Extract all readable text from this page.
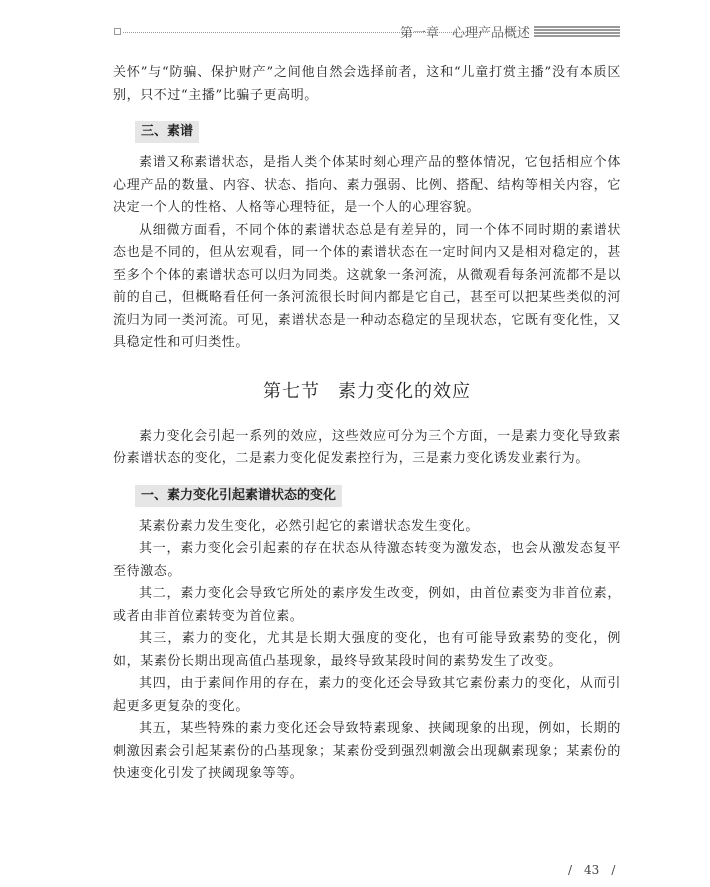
第一章　心理产品概述

关怀”与“防骗、保护财产”之间他自然会选择前者，这和“儿童打赏主播”没有本质区别，只不过“主播”比骗子更高明。

三、素谱

素谱又称素谱状态，是指人类个体某时刻心理产品的整体情况，它包括相应个体心理产品的数量、内容、状态、指向、素力强弱、比例、搭配、结构等相关内容，它决定一个人的性格、人格等心理特征，是一个人的心理容貌。

从细微方面看，不同个体的素谱状态总是有差异的，同一个体不同时期的素谱状态也是不同的，但从宏观看，同一个体的素谱状态在一定时间内又是相对稳定的，甚至多个个体的素谱状态可以归为同类。这就象一条河流，从微观看每条河流都不是以前的自己，但概略看任何一条河流很长时间内都是它自己，甚至可以把某些类似的河流归为同一类河流。可见，素谱状态是一种动态稳定的呈现状态，它既有变化性，又具稳定性和可归类性。

第七节 素力变化的效应

素力变化会引起一系列的效应，这些效应可分为三个方面，一是素力变化导致素份素谱状态的变化，二是素力变化促发素控行为，三是素力变化诱发业素行为。

一、素力变化引起素谱状态的变化

某素份素力发生变化，必然引起它的素谱状态发生变化。

其一，素力变化会引起素的存在状态从待激态转变为激发态，也会从激发态复平至待激态。

其二，素力变化会导致它所处的素序发生改变，例如，由首位素变为非首位素，或者由非首位素转变为首位素。

其三，素力的变化，尤其是长期大强度的变化，也有可能导致素势的变化，例如，某素份长期出现高值凸基现象，最终导致某段时间的素势发生了改变。

其四，由于素间作用的存在，素力的变化还会导致其它素份素力的变化，从而引起更多更复杂的变化。

其五，某些特殊的素力变化还会导致特素现象、挟阈现象的出现，例如，长期的刺激因素会引起某素份的凸基现象；某素份受到强烈刺激会出现飙素现象；某素份的快速变化引发了挟阈现象等等。

/　43　/
